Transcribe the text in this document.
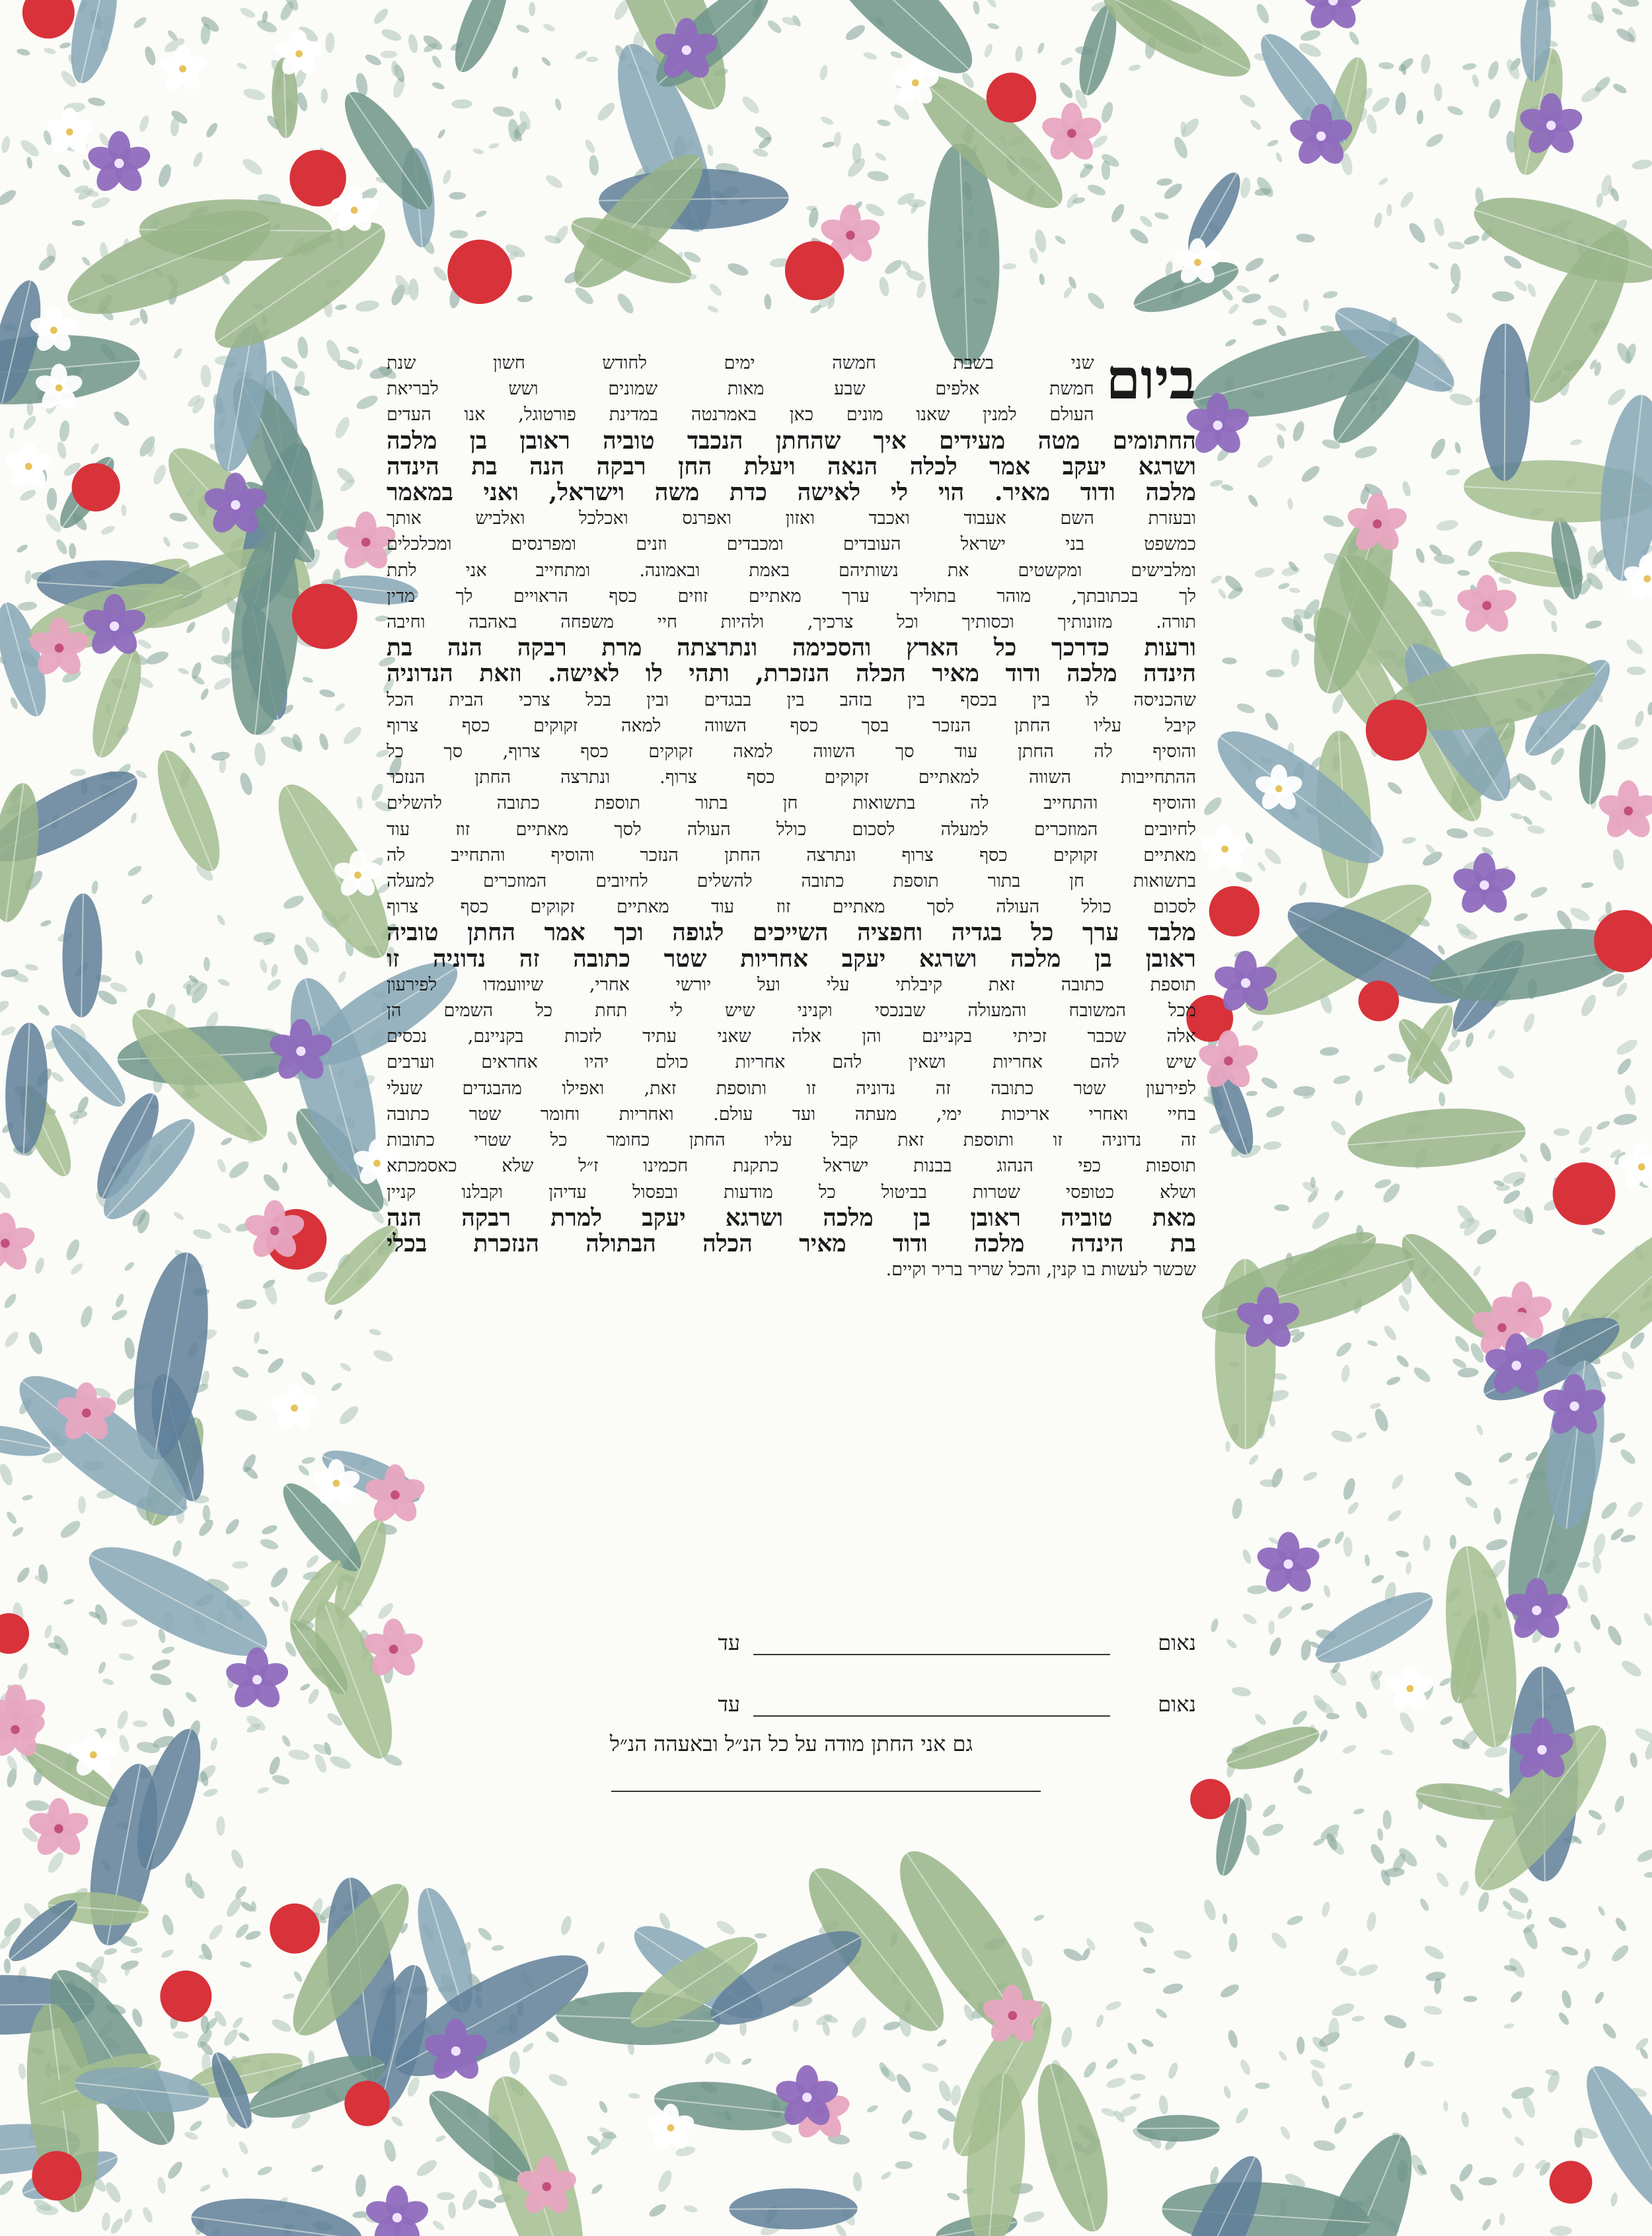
ביום
שני בשבת חמשה ימים לחודש חשון שנת
חמשת אלפים שבע מאות שמונים ושש לבריאת
העולם למנין שאנו מונים כאן באמרנטה במדינת פורטוגל, אנו העדים
החתומים מטה מעידים איך שהחתן הנכבד טוביה ראובן בן מלכה
ושרגא יעקב אמר לכלה הנאה ויעלת החן רבקה הנה בת הינדה
מלכה ודוד מאיר. הוי לי לאישה כדת משה וישראל, ואני במאמר
ובעזרת השם אעבוד ואכבד ואזון ואפרנס ואכלכל ואלביש אותך
כמשפט בני ישראל העובדים ומכבדים וזנים ומפרנסים ומכלכלים
ומלבישים ומקשטים את נשותיהם באמת ובאמונה. ומתחייב אני לתת
לך בכתובתך, מוהר בתוליך ערך מאתיים זוזים כסף הראויים לך מדין
תורה. מזונותיך וכסותיך וכל צרכיך, ולהיות חיי משפחה באהבה וחיבה
ורעות כדרכך כל הארץ והסכימה ונתרצתה מרת רבקה הנה בת
הינדה מלכה ודוד מאיר הכלה הנזכרת, ותהי לו לאישה. וזאת הנדוניה
שהכניסה לו בין בכסף בין בזהב בין בבגדים ובין בכל צרכי הבית הכל
קיבל עליו החתן הנזכר בסך כסף השווה למאה זקוקים כסף צרוף
והוסיף לה החתן עוד סך השווה למאה זקוקים כסף צרוף, סך כל
ההתחייבות השווה למאתיים זקוקים כסף צרוף. ונתרצה החתן הנזכר
והוסיף והתחייב לה בתשואות חן בתור תוספת כתובה להשלים
לחיובים המוזכרים למעלה לסכום כולל העולה לסך מאתיים זוז עוד
מאתיים זקוקים כסף צרוף ונתרצה החתן הנזכר והוסיף והתחייב לה
בתשואות חן בתור תוספת כתובה להשלים לחיובים המוזכרים למעלה
לסכום כולל העולה לסך מאתיים זוז עוד מאתיים זקוקים כסף צרוף
מלבד ערך כל בגדיה וחפציה השייכים לגופה וכך אמר החתן טוביה
ראובן בן מלכה ושרגא יעקב אחריות שטר כתובה זה נדוניה זו
תוספת כתובה זאת קיבלתי עלי ועל יורשי אחרי, שיוועמדו לפירעון
מכל המשובח והמעולה שבנכסי וקניני שיש לי תחת כל השמים הן
אלה שכבר זכיתי בקניינם והן אלה שאני עתיד לזכות בקניינם, נכסים
שיש להם אחריות ושאין להם אחריות כולם יהיו אחראים וערבים
לפירעון שטר כתובה זה נדוניה זו ותוספת זאת, ואפילו מהבגדים שעלי
בחיי ואחרי אריכות ימי, מעתה ועד עולם. ואחריות וחומר שטר כתובה
זה נדוניה זו ותוספת זאת קבל עליו החתן כחומר כל שטרי כתובות
תוספות כפי הנהוג בבנות ישראל כתקנת חכמינו ז״ל שלא כאסמכתא
ושלא כטופסי שטרות בביטול כל מודעות ובפסול עדיהן וקבלנו קניין
מאת טוביה ראובן בן מלכה ושרגא יעקב למרת רבקה הנה
בת הינדה מלכה ודוד מאיר הכלה הבתולה הנזכרת בכלי
שכשר לעשות בו קנין, והכל שריר בריר וקיים.
נאום
עד
נאום
עד
גם אני החתן מודה על כל הנ״ל ובאעהה הנ״ל
